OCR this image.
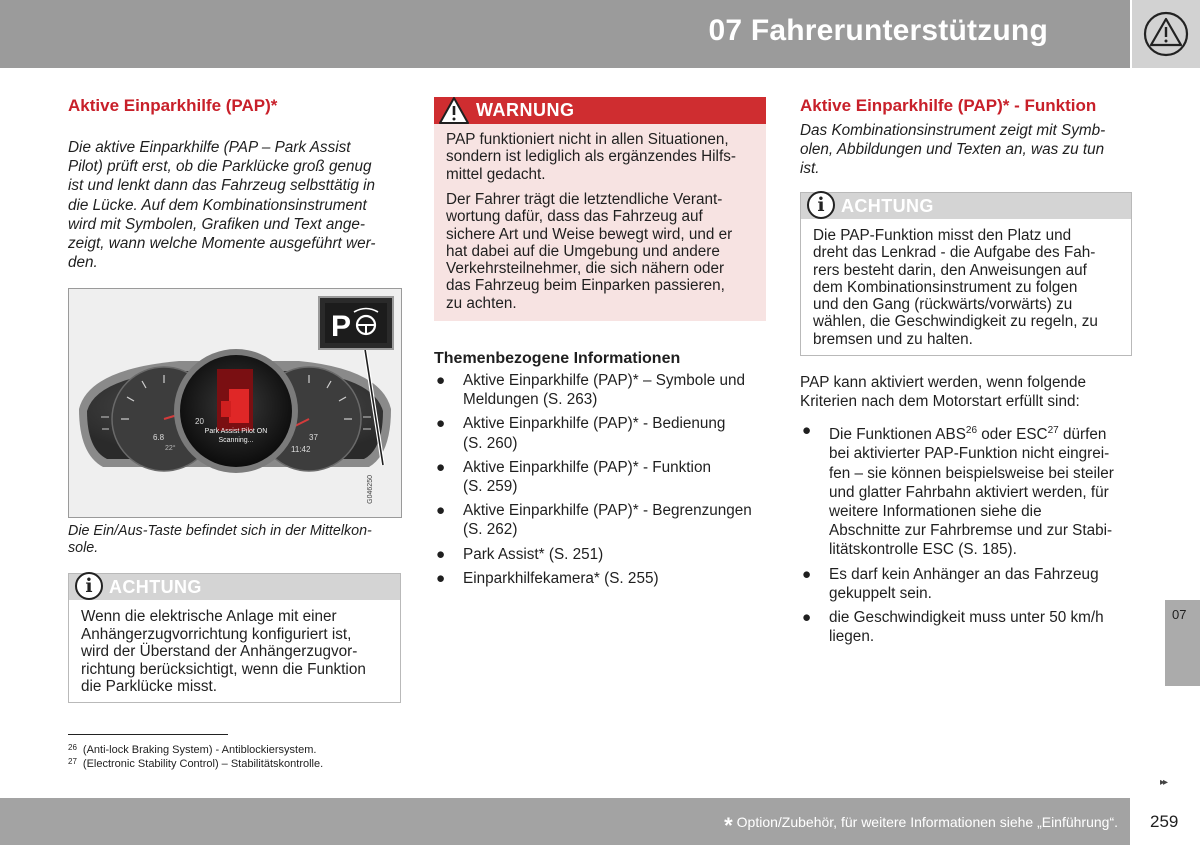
07 Fahrerunterstützung
Aktive Einparkhilfe (PAP)*
Die aktive Einparkhilfe (PAP – Park Assist
Pilot) prüft erst, ob die Parklücke groß genug
ist und lenkt dann das Fahrzeug selbsttätig in
die Lücke. Auf dem Kombinationsinstrument
wird mit Symbolen, Grafiken und Text ange-
zeigt, wann welche Momente ausgeführt wer-
den.
P
Park Assist Pilot ON
Scanning...
20
6.8
22°
37
11:42
G046250
Die Ein/Aus-Taste befindet sich in der Mittelkon-
sole.
i ACHTUNG
Wenn die elektrische Anlage mit einer
Anhängerzugvorrichtung konfiguriert ist,
wird der Überstand der Anhängerzugvor-
richtung berücksichtigt, wenn die Funktion
die Parklücke misst.
WARNUNG
PAP funktioniert nicht in allen Situationen,
sondern ist lediglich als ergänzendes Hilfs-
mittel gedacht.
Der Fahrer trägt die letztendliche Verant-
wortung dafür, dass das Fahrzeug auf
sichere Art und Weise bewegt wird, und er
hat dabei auf die Umgebung und andere
Verkehrsteilnehmer, die sich nähern oder
das Fahrzeug beim Einparken passieren,
zu achten.
Themenbezogene Informationen
● Aktive Einparkhilfe (PAP)* – Symbole und
Meldungen (S. 263)
● Aktive Einparkhilfe (PAP)* - Bedienung
(S. 260)
● Aktive Einparkhilfe (PAP)* - Funktion
(S. 259)
● Aktive Einparkhilfe (PAP)* - Begrenzungen
(S. 262)
● Park Assist* (S. 251)
● Einparkhilfekamera* (S. 255)
Aktive Einparkhilfe (PAP)* - Funktion
Das Kombinationsinstrument zeigt mit Symb-
olen, Abbildungen und Texten an, was zu tun
ist.
i ACHTUNG
Die PAP-Funktion misst den Platz und
dreht das Lenkrad - die Aufgabe des Fah-
rers besteht darin, den Anweisungen auf
dem Kombinationsinstrument zu folgen
und den Gang (rückwärts/vorwärts) zu
wählen, die Geschwindigkeit zu regeln, zu
bremsen und zu halten.
PAP kann aktiviert werden, wenn folgende
Kriterien nach dem Motorstart erfüllt sind:
● Die Funktionen ABS$^{26}$ oder ESC$^{27}$ dürfen
bei aktivierter PAP-Funktion nicht eingrei-
fen – sie können beispielsweise bei steiler
und glatter Fahrbahn aktiviert werden, für
weitere Informationen siehe die
Abschnitte zur Fahrbremse und zur Stabi-
litätskontrolle ESC (S. 185).
● Es darf kein Anhänger an das Fahrzeug
gekuppelt sein.
● die Geschwindigkeit muss unter 50 km/h
liegen.
07
$^{26}$ (Anti-lock Braking System) - Antiblockiersystem.
$^{27}$ (Electronic Stability Control) – Stabilitätskontrolle.
▸▸
* Option/Zubehör, für weitere Informationen siehe „Einführung“. 259
